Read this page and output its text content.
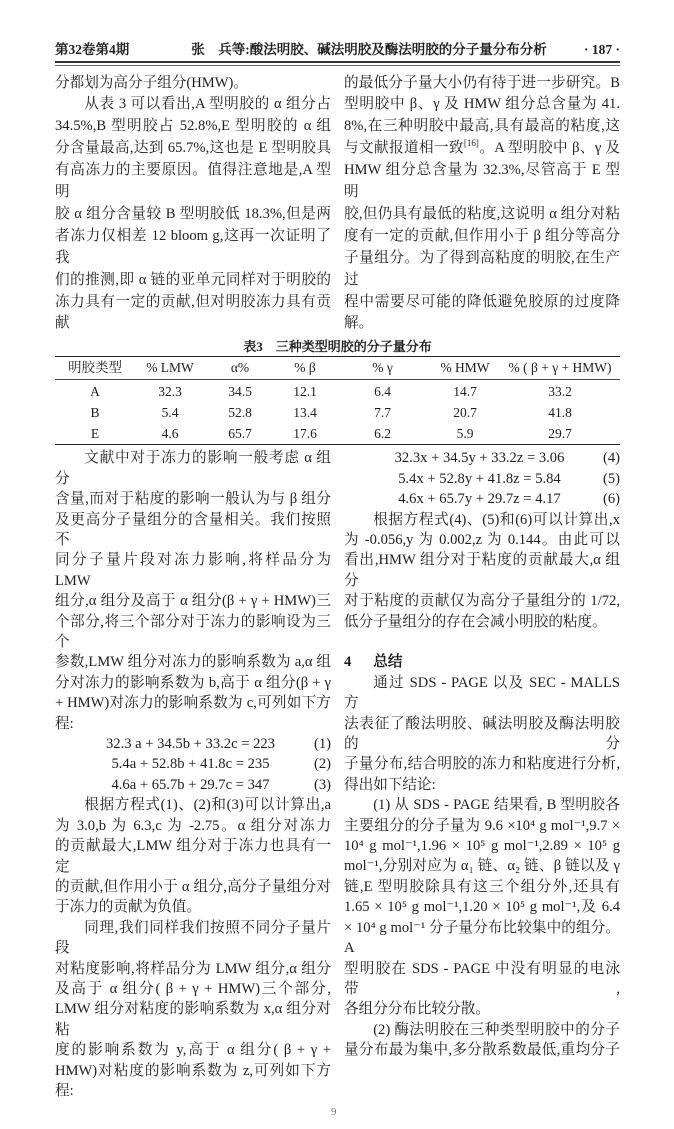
第32卷第4期	张　兵等:酸法明胶、碱法明胶及酶法明胶的分子量分布分析	· 187 ·
分都划为高分子组分(HMW)。
从表 3 可以看出,A 型明胶的 α 组分占
34.5%,B 型明胶占 52.8%,E 型明胶的 α 组
分含量最高,达到 65.7%,这也是 E 型明胶具
有高冻力的主要原因。值得注意地是,A 型明
胶 α 组分含量较 B 型明胶低 18.3%,但是两
者冻力仅相差 12 bloom g,这再一次证明了我
们的推测,即 α 链的亚单元同样对于明胶的
冻力具有一定的贡献,但对明胶冻力具有贡献
的最低分子量大小仍有待于进一步研究。B
型明胶中 β、γ 及 HMW 组分总含量为 41.
8%,在三种明胶中最高,具有最高的粘度,这
与文献报道相一致[16]。A 型明胶中 β、γ 及
HMW 组分总含量为 32.3%,尽管高于 E 型明
胶,但仍具有最低的粘度,这说明 α 组分对粘
度有一定的贡献,但作用小于 β 组分等高分
子量组分。为了得到高粘度的明胶,在生产过
程中需要尽可能的降低避免胶原的过度降解。
表3　三种类型明胶的分子量分布
明胶类型	% LMW	α%	% β	% γ	% HMW	% ( β + γ + HMW)
A	32.3	34.5	12.1	6.4	14.7	33.2
B	5.4	52.8	13.4	7.7	20.7	41.8
E	4.6	65.7	17.6	6.2	5.9	29.7
文献中对于冻力的影响一般考虑 α 组分
含量,而对于粘度的影响一般认为与 β 组分
及更高分子量组分的含量相关。我们按照不
同分子量片段对冻力影响,将样品分为 LMW
组分,α 组分及高于 α 组分(β + γ + HMW)三
个部分,将三个部分对于冻力的影响设为三个
参数,LMW 组分对冻力的影响系数为 a,α 组
分对冻力的影响系数为 b,高于 α 组分(β + γ
+ HMW)对冻力的影响系数为 c,可列如下方
程:
32.3 a + 34.5b + 33.2c = 223	(1)
5.4a + 52.8b + 41.8c = 235	(2)
4.6a + 65.7b + 29.7c = 347	(3)
根据方程式(1)、(2)和(3)可以计算出,a
为 3.0,b 为 6.3,c 为 -2.75。α 组分对冻力
的贡献最大,LMW 组分对于冻力也具有一定
的贡献,但作用小于 α 组分,高分子量组分对
于冻力的贡献为负值。
同理,我们同样我们按照不同分子量片段
对粘度影响,将样品分为 LMW 组分,α 组分
及高于 α 组分( β + γ + HMW)三个部分,
LMW 组分对粘度的影响系数为 x,α 组分对粘
度的影响系数为 y,高于 α 组分( β + γ +
HMW)对粘度的影响系数为 z,可列如下方
程:
32.3x + 34.5y + 33.2z = 3.06	(4)
5.4x + 52.8y + 41.8z = 5.84	(5)
4.6x + 65.7y + 29.7z = 4.17	(6)
根据方程式(4)、(5)和(6)可以计算出,x
为 -0.056,y 为 0.002,z 为 0.144。由此可以
看出,HMW 组分对于粘度的贡献最大,α 组分
对于粘度的贡献仅为高分子量组分的 1/72,
低分子量组分的存在会减小明胶的粘度。
4 总结
通过 SDS - PAGE 以及 SEC - MALLS 方
法表征了酸法明胶、碱法明胶及酶法明胶的分
子量分布,结合明胶的冻力和粘度进行分析,
得出如下结论:
(1) 从 SDS - PAGE 结果看, B 型明胶各
主要组分的分子量为 9.6 ×10⁴ g mol⁻¹,9.7 ×
10⁴ g mol⁻¹,1.96 × 10⁵ g mol⁻¹,2.89 × 10⁵ g
mol⁻¹,分别对应为 α₁ 链、α₂ 链、β 链以及 γ
链,E 型明胶除具有这三个组分外,还具有
1.65 × 10⁵ g mol⁻¹,1.20 × 10⁵ g mol⁻¹,及 6.4
× 10⁴ g mol⁻¹ 分子量分布比较集中的组分。A
型明胶在 SDS - PAGE 中没有明显的电泳带,
各组分分布比较分散。
(2) 酶法明胶在三种类型明胶中的分子
量分布最为集中,多分散系数最低,重均分子
9
